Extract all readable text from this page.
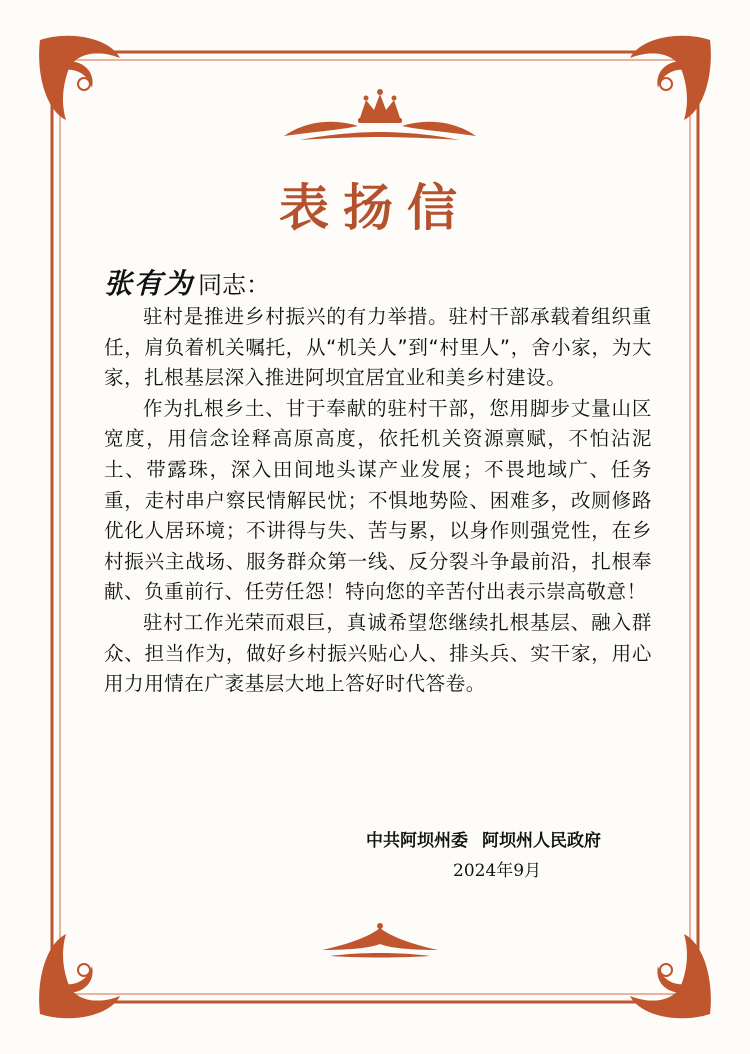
表扬信
张有为 同志：

驻村是推进乡村振兴的有力举措。驻村干部承载着组织重任，肩负着机关嘱托，从“机关人”到“村里人”，舍小家，为大家，扎根基层深入推进阿坝宜居宜业和美乡村建设。

作为扎根乡土、甘于奉献的驻村干部，您用脚步丈量山区宽度，用信念诠释高原高度，依托机关资源禀赋，不怕沾泥土、带露珠，深入田间地头谋产业发展；不畏地域广、任务重，走村串户察民情解民忧；不惧地势险、困难多，改厕修路优化人居环境；不讲得与失、苦与累，以身作则强党性，在乡村振兴主战场、服务群众第一线、反分裂斗争最前沿，扎根奉献、负重前行、任劳任怨！特向您的辛苦付出表示崇高敬意！

驻村工作光荣而艰巨，真诚希望您继续扎根基层、融入群众、担当作为，做好乡村振兴贴心人、排头兵、实干家，用心用力用情在广袤基层大地上答好时代答卷。

中共阿坝州委 阿坝州人民政府
2024年9月
